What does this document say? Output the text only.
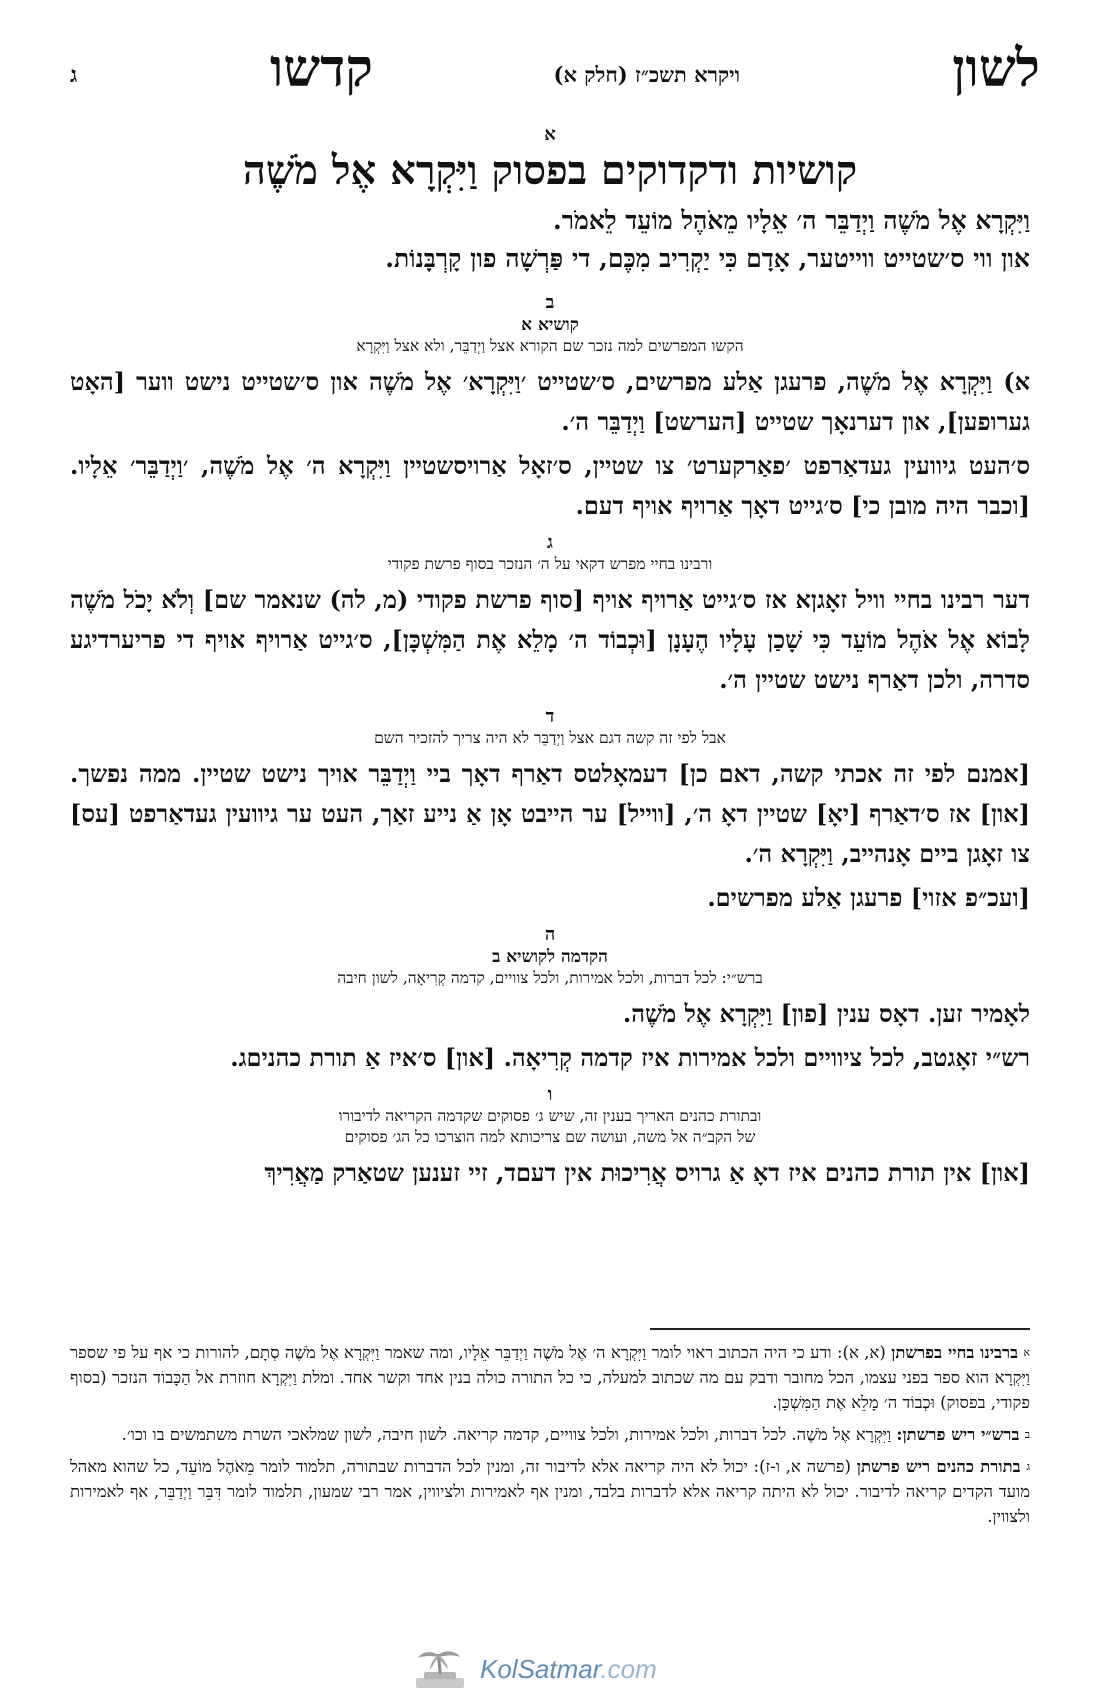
לשון
ויקרא תשכ״ז (חלק א)
קדשו
ג
א
קושיות ודקדוקים בפסוק וַיִּקְרָא אֶל מֹשֶׁה

וַיִּקְרָא אֶל מֹשֶׁה וַיְדַבֵּר ה׳ אֵלָיו מֵאֹהֶל מוֹעֵד לֵאמֹר.

און ווי ס׳שטייט ווייטער, אָדָם כִּי יַקְרִיב מִכֶּם, די פַּרְשָׁה פון קָרְבָּנוֹת.

ב
קושיא א
הקשו המפרשים למה נזכר שם הקורא אצל וַיְדַבֵּר, ולא אצל וַיִּקְרָא

א) וַיִּקְרָא אֶל מֹשֶׁה, פרעגן אַלע מפרשים, ס׳שטייט ׳וַיִּקְרָא׳ אֶל מֹשֶׁה און ס׳שטייט נישט ווער [האָט גערופען], און דערנאָך שטייט [הערשט] וַיְדַבֵּר ה׳.

ס׳העט גיוועין געדאַרפט ׳פאַרקערט׳ צו שטיין, ס׳זאָל אַרויסשטיין וַיִּקְרָא ה׳ אֶל מֹשֶׁה, ׳וַיְדַבֵּר׳ אֵלָיו. [וכבר היה מובן כי] ס׳גייט דאָך אַרויף אויף דעם.

ג
ורבינו בחיי מפרש דקאי על ה׳ הנזכר בסוף פרשת פקודי

דער רבינו בחיי וויל זאָגןא אז ס׳גייט אַרויף אויף [סוף פרשת פקודי (מ, לה) שנאמר שם] וְלֹא יָכֹל מֹשֶׁה לָבוֹא אֶל אֹהֶל מוֹעֵד כִּי שָׁכַן עָלָיו הֶעָנָן [וּכְבוֹד ה׳ מָלֵא אֶת הַמִּשְׁכָּן], ס׳גייט אַרויף אויף די פריערדיגע סדרה, ולכן דאַרף נישט שטיין ה׳.

ד
אבל לפי זה קשה דגם אצל וַיְדַבֵּר לא היה צריך להזכיר השם

[אמנם לפי זה אכתי קשה, דאם כן] דעמאָלטס דאַרף דאָך ביי וַיְדַבֵּר אויך נישט שטיין. ממה נפשך. [און] אז ס׳דאַרף [יאָ] שטיין דאָ ה׳, [ווייל] ער הייבט אָן אַ נייע זאַך, העט ער גיוועין געדאַרפט [עס] צו זאָגן ביים אָנהייב, וַיִּקְרָא ה׳.

[ועכ״פ אזוי] פרעגן אַלע מפרשים.

ה
הקדמה לקושיא ב
ברש״י: לכל דברות, ולכל אמירות, ולכל צוויים, קדמה קְרִיאָה, לשון חיבה

לאָמיר זען. דאָס ענין [פון] וַיִּקְרָא אֶל מֹשֶׁה.

רש״י זאָגטב, לכל ציוויים ולכל אמירות איז קדמה קְרִיאָה. [און] ס׳איז אַ תורת כהניםג.

ו
ובתורת כהנים האריך בענין זה, שיש ג׳ פסוקים שקדמה הקריאה לדיבורו
של הקב״ה אל משה, ועושה שם צריכותא למה הוצרכו כל הג׳ פסוקים

[און] אין תורת כהנים איז דאָ אַ גרויס אֲרִיכוּת אין דעםד, זיי זענען שטאַרק מַאֲרִיךְ

$^א$ ברבינו בחיי בפרשתן (א, א): ודע כי היה הכתוב ראוי לומר וַיִּקְרָא ה׳ אֶל מֹשֶׁה וַיְדַבֵּר אֵלָיו, ומה שאמר וַיִּקְרָא אֶל מֹשֶׁה סְתָם, להורות כי אף על פי שספר וַיִּקְרָא הוא ספר בפני עצמו, הכל מחובר ודבק עם מה שכתוב למעלה, כי כל התורה כולה בנין אחד וקשר אחד. ומלת וַיִּקְרָא חוזרת אל הַכָּבוֹד הנזכר (בסוף פקודי, בפסוק) וּכְבוֹד ה׳ מָלֵא אֶת הַמִּשְׁכָּן.

$^ב$ ברש״י ריש פרשתן: וַיִּקְרָא אֶל מֹשֶׁה. לכל דברות, ולכל אמירות, ולכל צוויים, קדמה קריאה. לשון חיבה, לשון שמלאכי השרת משתמשים בו וכו׳.

$^ג$ בתורת כהנים ריש פרשתן (פרשה א, ו-ז): יכול לא היה קריאה אלא לדיבור זה, ומנין לכל הדברות שבתורה, תלמוד לומר מֵאֹהֶל מוֹעֵד, כל שהוא מאהל מועד הקדים קריאה לדיבור. יכול לא היתה קריאה אלא לדברות בלבד, ומנין אף לאמירות ולציווין, אמר רבי שמעון, תלמוד לומר דִּבֵּר וַיְדַבֵּר, אף לאמירות ולצווין.

KolSatmar.com
